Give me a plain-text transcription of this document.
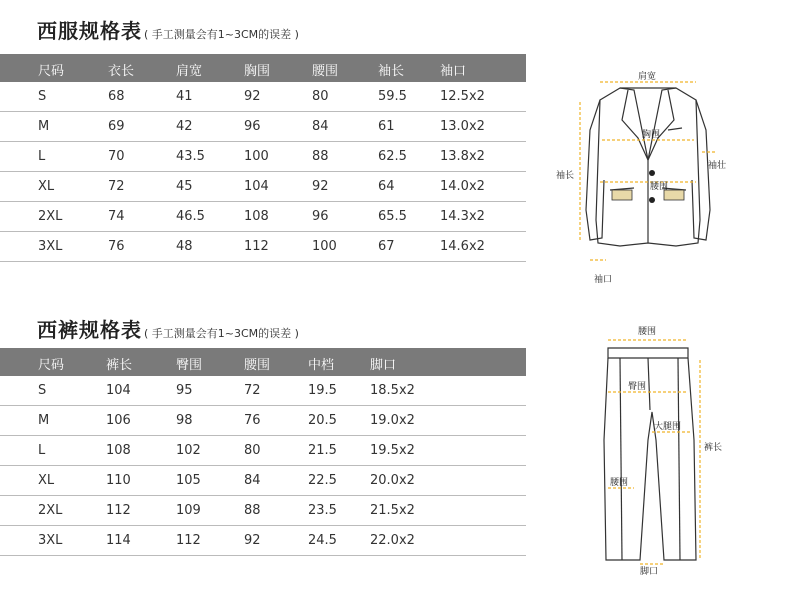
西服规格表 ( 手工测量会有1~3CM的误差 )
尺码	衣长	肩宽	胸围	腰围	袖长	袖口
S	68	41	92	80	59.5	12.5x2
M	69	42	96	84	61	13.0x2
L	70	43.5	100	88	62.5	13.8x2
XL	72	45	104	92	64	14.0x2
2XL	74	46.5	108	96	65.5	14.3x2
3XL	76	48	112	100	67	14.6x2
西裤规格表 ( 手工测量会有1~3CM的误差 )
尺码	裤长	臀围	腰围	中档	脚口
S	104	95	72	19.5	18.5x2
M	106	98	76	20.5	19.0x2
L	108	102	80	21.5	19.5x2
XL	110	105	84	22.5	20.0x2
2XL	112	109	88	23.5	21.5x2
3XL	114	112	92	24.5	22.0x2
肩宽
胸围
腰围
袖长
袖壮
袖口
腰围
臀围
大腿围
腰围
裤长
脚口
